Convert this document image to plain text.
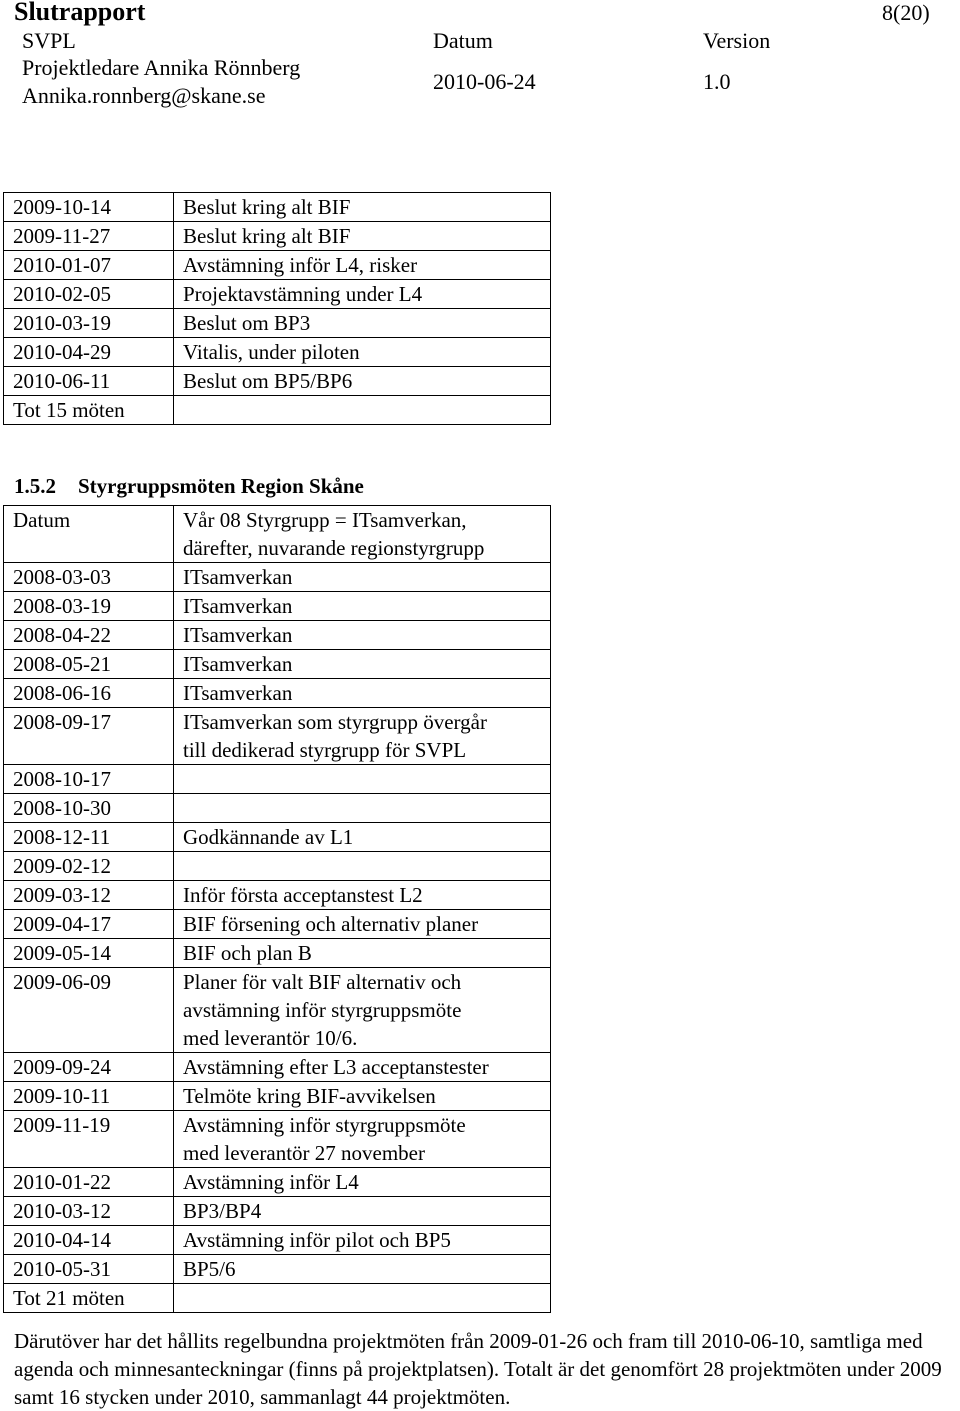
Slutrapport	8(20)
SVPL	Datum	Version
Projektledare Annika Rönnberg
2010-06-24	1.0
Annika.ronnberg@skane.se
2009-10-14	Beslut kring alt BIF

2009-11-27	Beslut kring alt BIF

2010-01-07	Avstämning inför L4, risker

2010-02-05	Projektavstämning under L4

2010-03-19	Beslut om BP3

2010-04-29	Vitalis, under piloten

2010-06-11	Beslut om BP5/BP6

Tot 15 möten	
1.5.2 Styrgruppsmöten Region Skåne
Datum	Vår 08 Styrgrupp = ITsamverkan,
därefter, nuvarande regionstyrgrupp

2008-03-03	ITsamverkan

2008-03-19	ITsamverkan

2008-04-22	ITsamverkan

2008-05-21	ITsamverkan

2008-06-16	ITsamverkan

2008-09-17	ITsamverkan som styrgrupp övergår
till dedikerad styrgrupp för SVPL

2008-10-17	
2008-10-30	
2008-12-11	Godkännande av L1

2009-02-12	
2009-03-12	Inför första acceptanstest L2

2009-04-17	BIF försening och alternativ planer

2009-05-14	BIF och plan B

2009-06-09	Planer för valt BIF alternativ och
avstämning inför styrgruppsmöte
med leverantör 10/6.

2009-09-24	Avstämning efter L3 acceptanstester

2009-10-11	Telmöte kring BIF-avvikelsen

2009-11-19	Avstämning inför styrgruppsmöte
med leverantör 27 november

2010-01-22	Avstämning inför L4

2010-03-12	BP3/BP4

2010-04-14	Avstämning inför pilot och BP5

2010-05-31	BP5/6

Tot 21 möten	
Därutöver har det hållits regelbundna projektmöten från 2009-01-26 och fram till 2010-06-10, samtliga med agenda och minnesanteckningar (finns på projektplatsen). Totalt är det genomfört 28 projektmöten under 2009 samt 16 stycken under 2010, sammanlagt 44 projektmöten.
